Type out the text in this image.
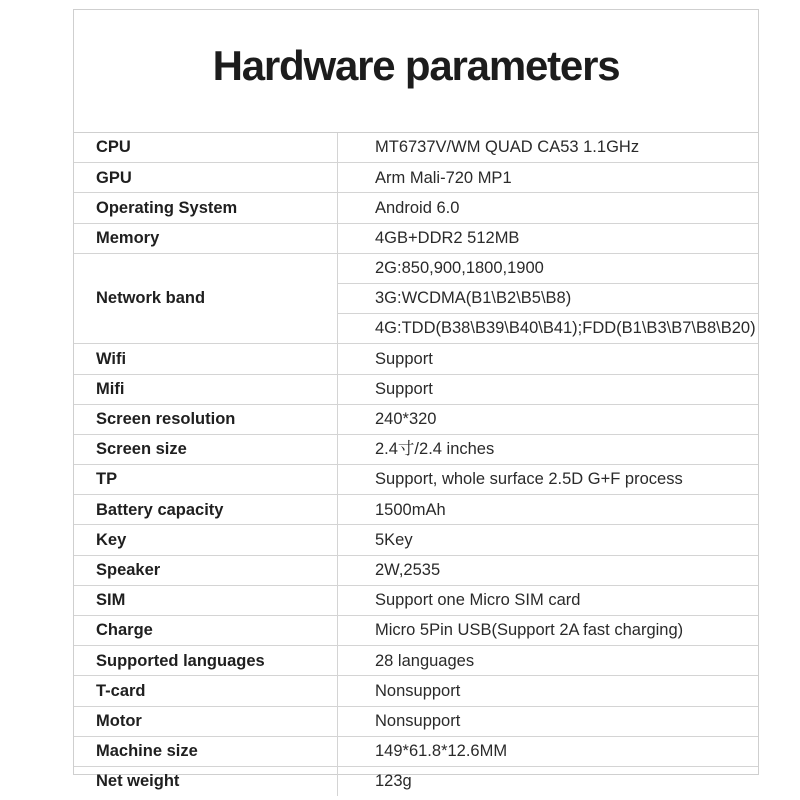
Hardware parameters
CPU	MT6737V/WM QUAD CA53 1.1GHz
GPU	Arm Mali-720 MP1
Operating System	Android 6.0
Memory	4GB+DDR2 512MB
Network band	2G:850,900,1800,1900
	3G:WCDMA(B1\B2\B5\B8)
	4G:TDD(B38\B39\B40\B41);FDD(B1\B3\B7\B8\B20)
Wifi	Support
Mifi	Support
Screen resolution	240*320
Screen size	2.4寸/2.4 inches
TP	Support, whole surface 2.5D G+F process
Battery capacity	1500mAh
Key	5Key
Speaker	2W,2535
SIM	Support one Micro SIM card
Charge	Micro 5Pin USB(Support 2A fast charging)
Supported languages	28 languages
T-card	Nonsupport
Motor	Nonsupport
Machine size	149*61.8*12.6MM
Net weight	123g
